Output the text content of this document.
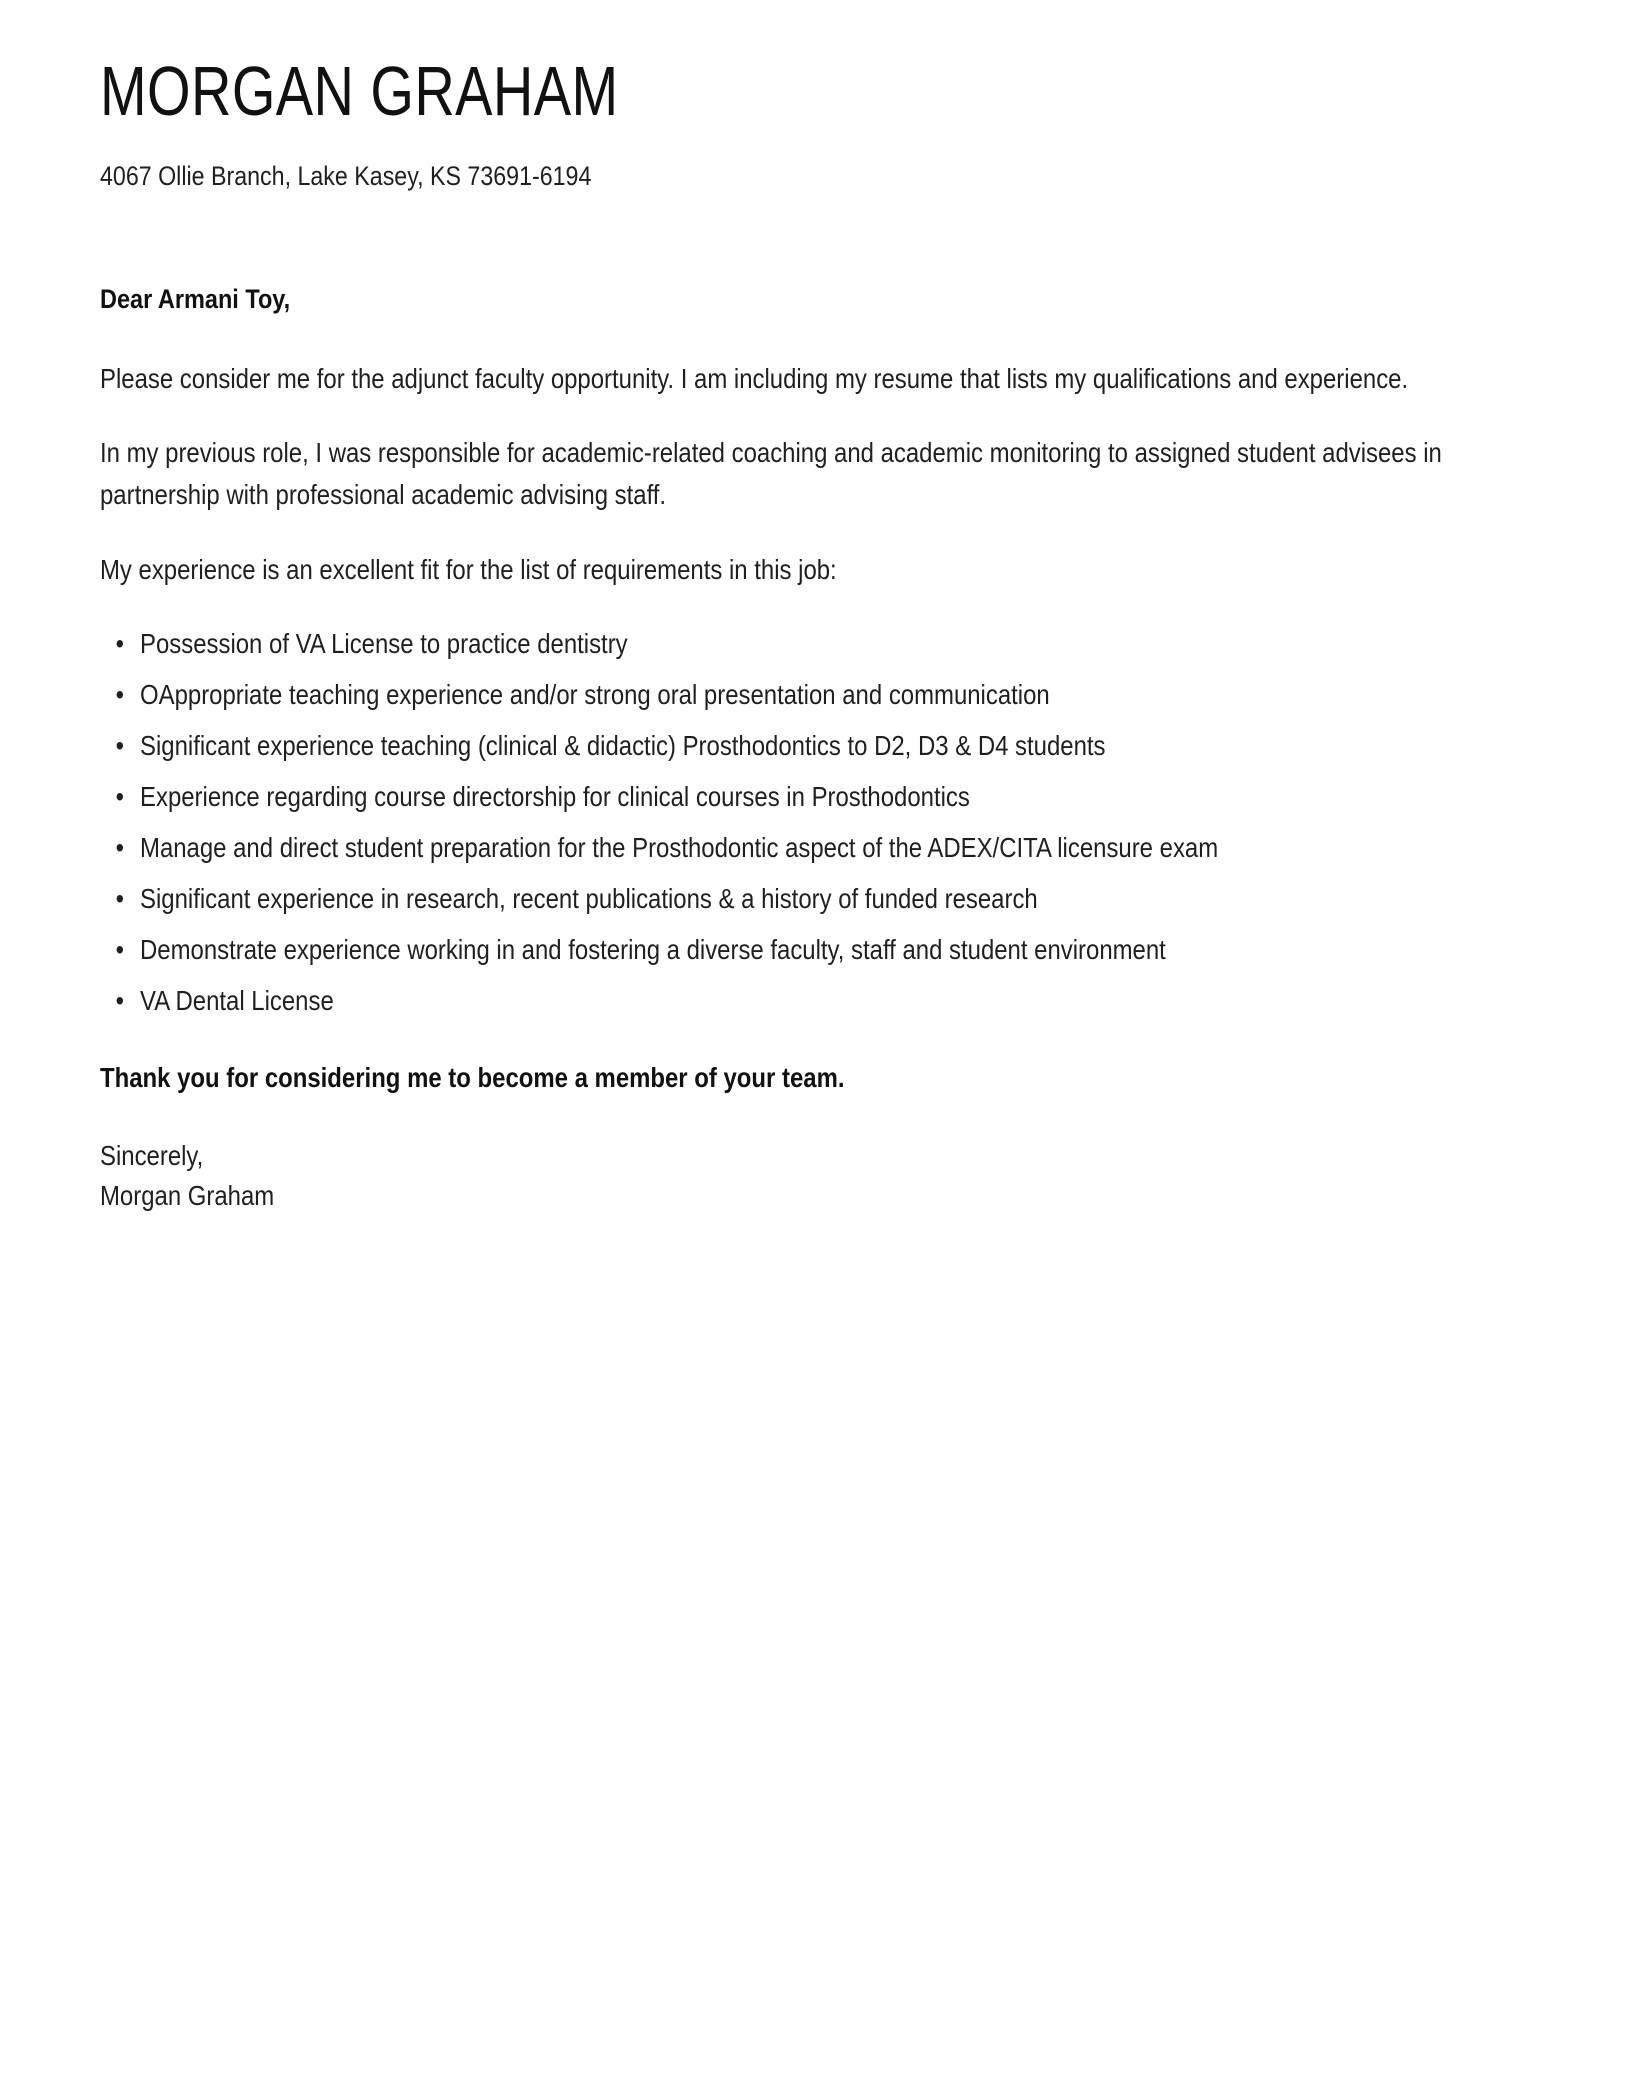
MORGAN GRAHAM
4067 Ollie Branch, Lake Kasey, KS 73691-6194

Dear Armani Toy,

Please consider me for the adjunct faculty opportunity. I am including my resume that lists my qualifications and experience.

In my previous role, I was responsible for academic-related coaching and academic monitoring to assigned student advisees in partnership with professional academic advising staff.

My experience is an excellent fit for the list of requirements in this job:

• Possession of VA License to practice dentistry
• OAppropriate teaching experience and/or strong oral presentation and communication
• Significant experience teaching (clinical & didactic) Prosthodontics to D2, D3 & D4 students
• Experience regarding course directorship for clinical courses in Prosthodontics
• Manage and direct student preparation for the Prosthodontic aspect of the ADEX/CITA licensure exam
• Significant experience in research, recent publications & a history of funded research
• Demonstrate experience working in and fostering a diverse faculty, staff and student environment
• VA Dental License

Thank you for considering me to become a member of your team.

Sincerely,
Morgan Graham
